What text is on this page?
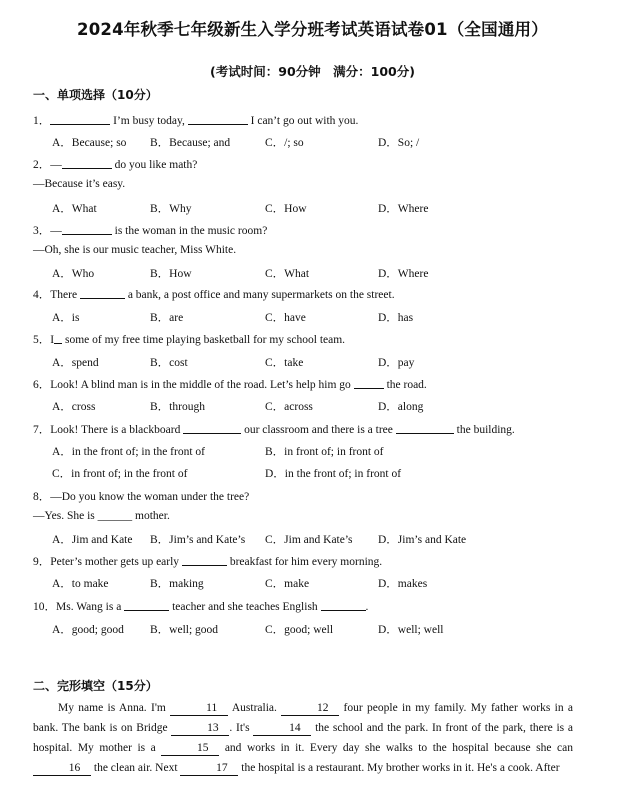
2024年秋季七年级新生入学分班考试英语试卷01（全国通用）
(考试时间：90分钟　满分：100分)
一、单项选择（10分）
1．	I’m busy today,	I can’t go out with you.
A．Because; so B．Because; and	C．/; so	D．So; /
2．—	do you like math?
—Because it’s easy.
A．What	B．Why	C．How	D．Where
3．—	is the woman in the music room?
—Oh, she is our music teacher, Miss White.
A．Who	B．How	C．What	D．Where
4．There	a bank, a post office and many supermarkets on the street.
A．is	B．are	C．have	D．has
5．I some of my free time playing basketball for my school team.
A．spend	B．cost	C．take	D．pay
6．Look! A blind man is in the middle of the road. Let’s help him go	the road.
A．cross	B．through	C．across	D．along
7．Look! There is a blackboard	our classroom and there is a tree	the building.
A．in the front of; in the front of	B．in front of; in front of
C．in front of; in the front of	D．in the front of; in front of
8．—Do you know the woman under the tree?
—Yes. She is ______ mother.
A．Jim and Kate B．Jim’s and Kate’s C．Jim and Kate’s D．Jim’s and Kate
9．Peter’s mother gets up early	breakfast for him every morning.
A．to make	B．making	C．make	D．makes
10．Ms. Wang is a	teacher and she teaches English	.
A．good; good B．well; good	C．good; well	D．well; well
二、完形填空（15分）
My name is Anna. I'm	11 Australia.	12 four people in my family. My father works in a bank. The bank is on Bridge	13 . It's	14 the school and the park. In front of the park, there is a hospital. My mother is a	15 and works in it. Every day she walks to the hospital because she can 16 the clean air. Next	17 the hospital is a restaurant. My brother works in it. He's a cook. After
